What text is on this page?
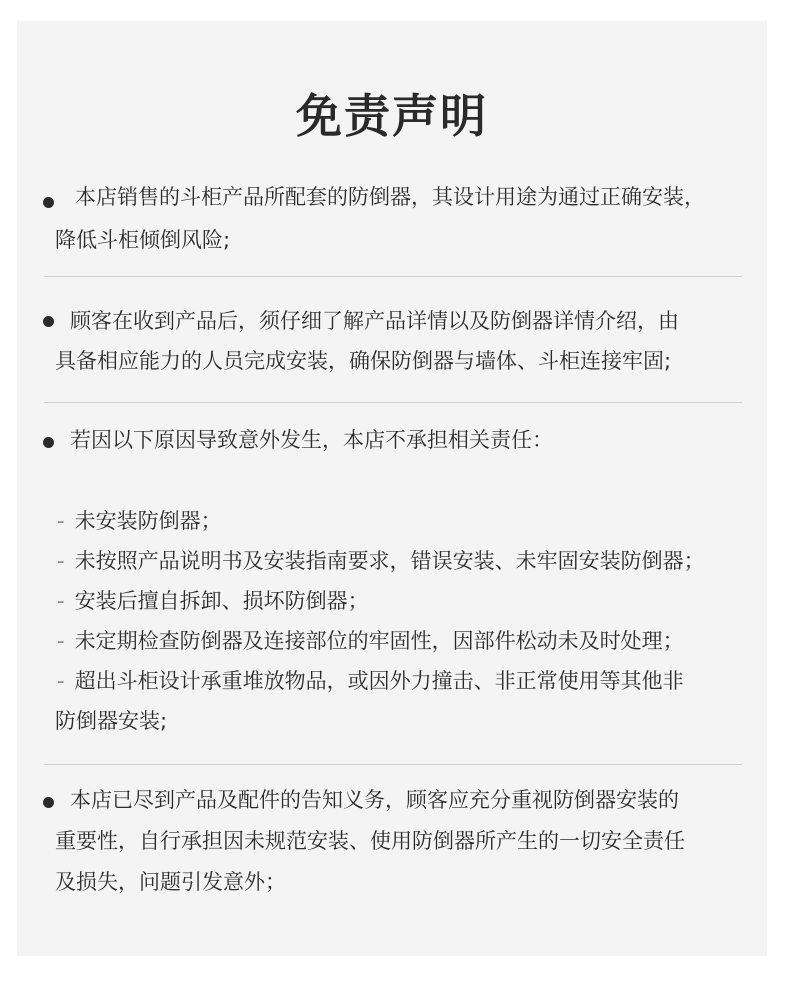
免责声明
本店销售的斗柜产品所配套的防倒器，其设计用途为通过正确安装，
降低斗柜倾倒风险;
顾客在收到产品后，须仔细了解产品详情以及防倒器详情介绍，由
具备相应能力的人员完成安装，确保防倒器与墙体、斗柜连接牢固;
若因以下原因导致意外发生，本店不承担相关责任：
- 未安装防倒器；
- 未按照产品说明书及安装指南要求，错误安装、未牢固安装防倒器；
- 安装后擅自拆卸、损坏防倒器；
- 未定期检查防倒器及连接部位的牢固性，因部件松动未及时处理；
- 超出斗柜设计承重堆放物品，或因外力撞击、非正常使用等其他非
防倒器安装;
本店已尽到产品及配件的告知义务，顾客应充分重视防倒器安装的
重要性，自行承担因未规范安装、使用防倒器所产生的一切安全责任
及损失，问题引发意外；
